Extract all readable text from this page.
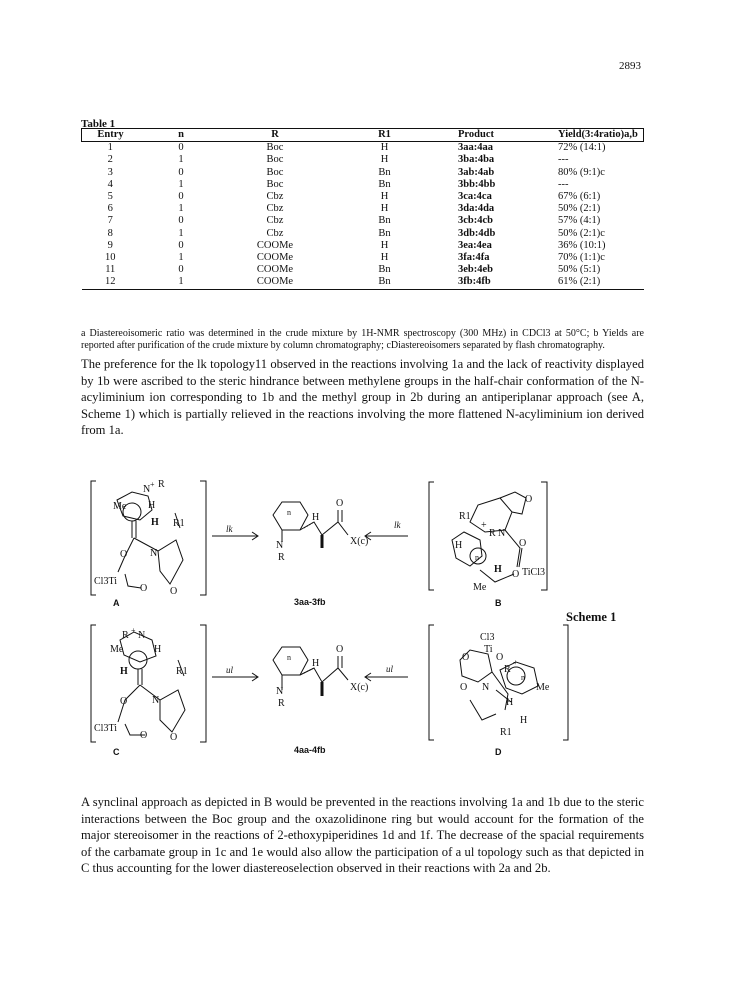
2893
Table 1
Entry	n	R	R1	Product	Yield(3:4ratio)a,b
1	0	Boc	H	3aa:4aa	72% (14:1)
2	1	Boc	H	3ba:4ba	---
3	0	Boc	Bn	3ab:4ab	80% (9:1)c
4	1	Boc	Bn	3bb:4bb	---
5	0	Cbz	H	3ca:4ca	67% (6:1)
6	1	Cbz	H	3da:4da	50% (2:1)
7	0	Cbz	Bn	3cb:4cb	57% (4:1)
8	1	Cbz	Bn	3db:4db	50% (2:1)c
9	0	COOMe	H	3ea:4ea	36% (10:1)
10	1	COOMe	H	3fa:4fa	70% (1:1)c
11	0	COOMe	Bn	3eb:4eb	50% (5:1)
12	1	COOMe	Bn	3fb:4fb	61% (2:1)
a Diastereoisomeric ratio was determined in the crude mixture by 1H-NMR spectroscopy (300 MHz) in CDCl3 at 50°C; b Yields are reported after purification of the crude mixture by column chromatography; cDiastereoisomers separated by flash chromatography.
The preference for the lk topology11 observed in the reactions involving 1a and the lack of reactivity displayed by 1b were ascribed to the steric hindrance between methylene groups in the half-chair conformation of the N-acyliminium ion corresponding to 1b and the methyl group in 2b during an antiperiplanar approach (see A, Scheme 1) which is partially relieved in the reactions involving the more flattened N-acyliminium ion derived from 1a.
Me
N + R
H
H R1
O N
Cl3Ti
O O
N
R
H
O
X(c)
n	R1
+
R N
O
O
H
n
H O TiCl3
Me
R N
+
Me	H
H	R1
O N
Cl3Ti
O O
N
R
H
O
X(c)
n
Cl3
Ti
O	O
R
+
Me
N
O
H
H
R1
n
lk	lk
ul	ul
A	B
C	D
3aa-3fb
4aa-4fb
Scheme 1
A synclinal approach as depicted in B would be prevented in the reactions involving 1a and 1b due to the steric interactions between the Boc group and the oxazolidinone ring but would account for the formation of the major stereoisomer in the reactions of 2-ethoxypiperidines 1d and 1f. The decrease of the spacial requirements of the carbamate group in 1c and 1e would also allow the participation of a ul topology such as that depicted in C thus accounting for the lower diastereoselection observed in their reactions with 2a and 2b.
